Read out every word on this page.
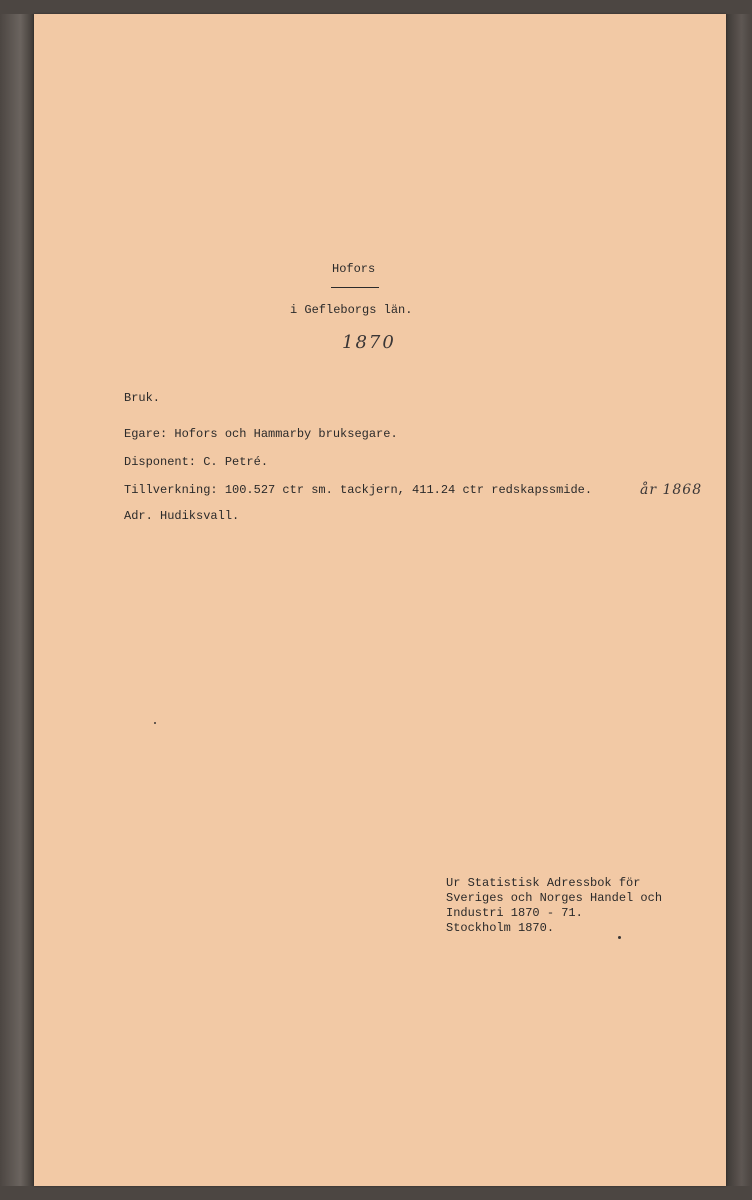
Hofors
i Gefleborgs län.
1870
Bruk.
Egare: Hofors och Hammarby bruksegare.
Disponent: C. Petré.
Tillverkning: 100.527 ctr sm. tackjern, 411.24 ctr redskapssmide.	år 1868
Adr. Hudiksvall.
Ur Statistisk Adressbok för
Sveriges och Norges Handel och
Industri 1870 - 71.
Stockholm 1870.
